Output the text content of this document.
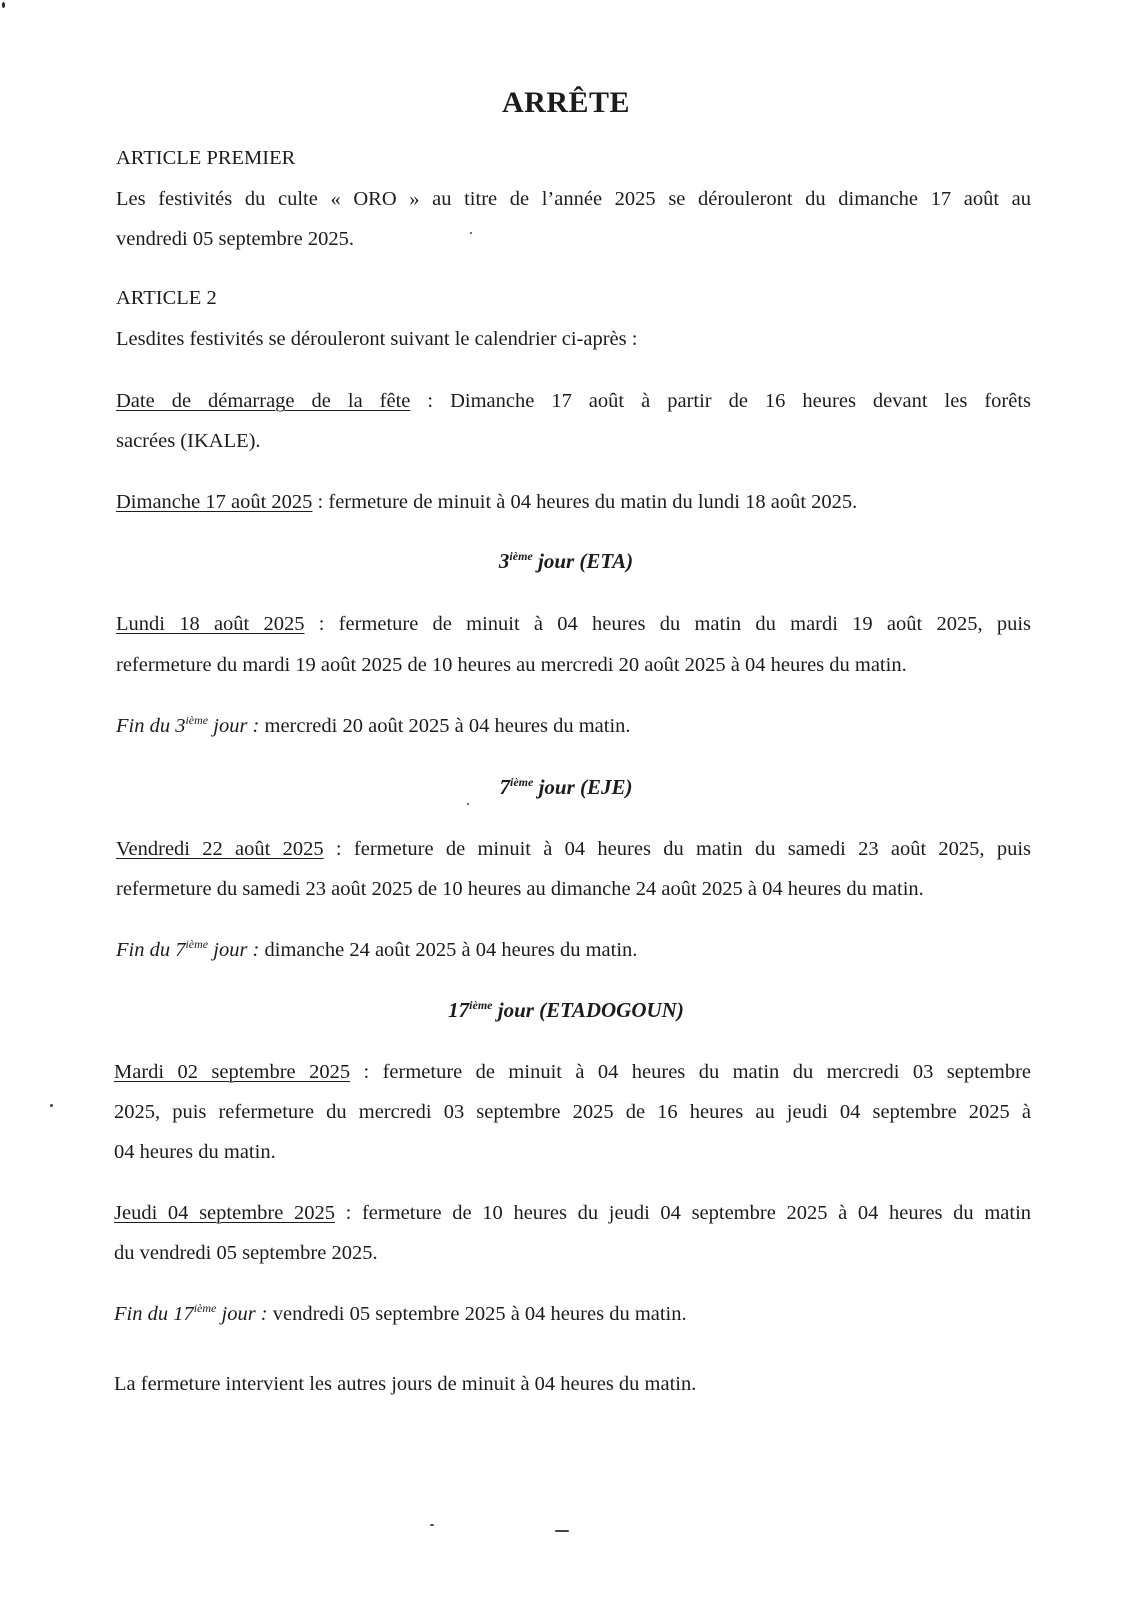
ARRÊTE
ARTICLE PREMIER
Les festivités du culte « ORO » au titre de l’année 2025 se dérouleront du dimanche 17 août au
vendredi 05 septembre 2025.
ARTICLE 2
Lesdites festivités se dérouleront suivant le calendrier ci-après :
Date de démarrage de la fête : Dimanche 17 août à partir de 16 heures devant les forêts
sacrées (IKALE).
Dimanche 17 août 2025 : fermeture de minuit à 04 heures du matin du lundi 18 août 2025.
3ième jour (ETA)
Lundi 18 août 2025 : fermeture de minuit à 04 heures du matin du mardi 19 août 2025, puis
refermeture du mardi 19 août 2025 de 10 heures au mercredi 20 août 2025 à 04 heures du matin.
Fin du 3ième jour : mercredi 20 août 2025 à 04 heures du matin.
7ième jour (EJE)
Vendredi 22 août 2025 : fermeture de minuit à 04 heures du matin du samedi 23 août 2025, puis
refermeture du samedi 23 août 2025 de 10 heures au dimanche 24 août 2025 à 04 heures du matin.
Fin du 7ième jour : dimanche 24 août 2025 à 04 heures du matin.
17ième jour (ETADOGOUN)
Mardi 02 septembre 2025 : fermeture de minuit à 04 heures du matin du mercredi 03 septembre
2025, puis refermeture du mercredi 03 septembre 2025 de 16 heures au jeudi 04 septembre 2025 à
04 heures du matin.
Jeudi 04 septembre 2025 : fermeture de 10 heures du jeudi 04 septembre 2025 à 04 heures du matin
du vendredi 05 septembre 2025.
Fin du 17ième jour : vendredi 05 septembre 2025 à 04 heures du matin.
La fermeture intervient les autres jours de minuit à 04 heures du matin.
